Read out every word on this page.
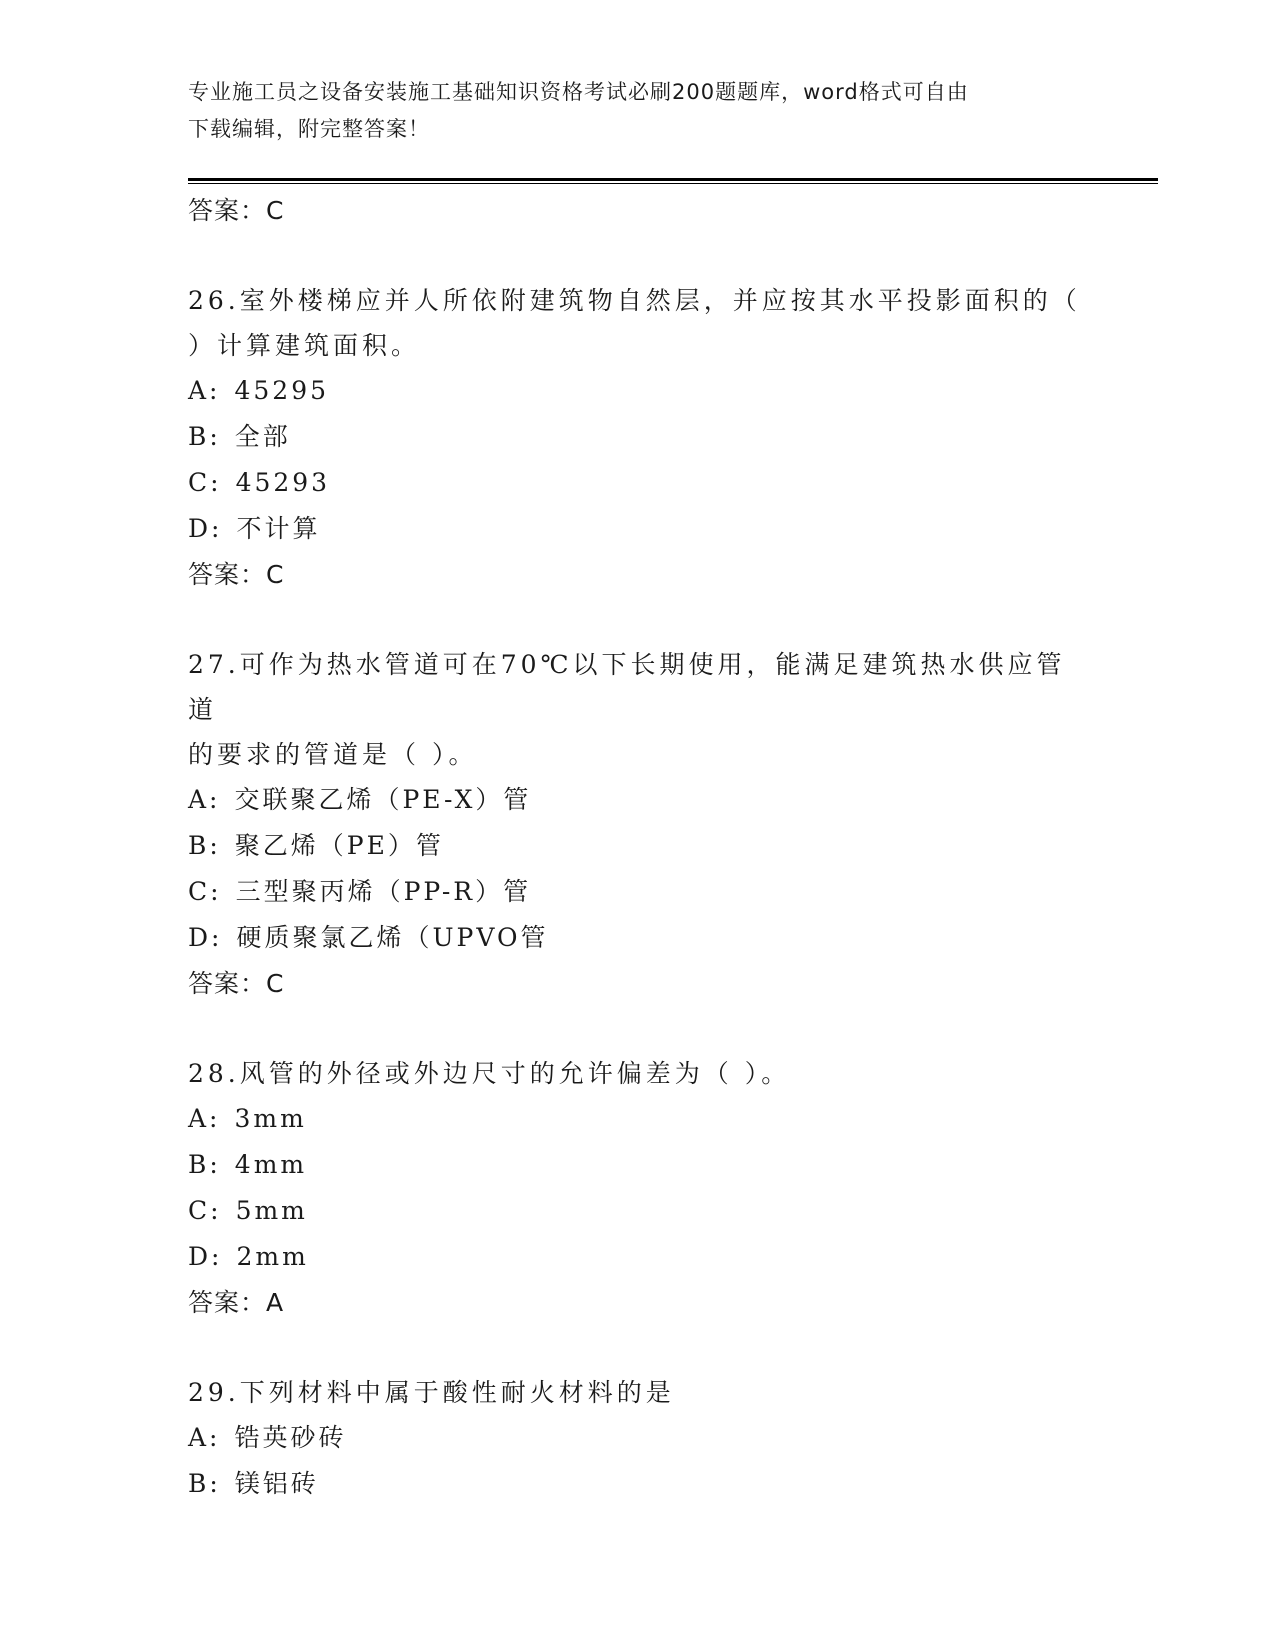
专业施工员之设备安装施工基础知识资格考试必刷200题题库，word格式可自由
下载编辑，附完整答案！
答案：C
26.室外楼梯应并人所依附建筑物自然层，并应按其水平投影面积的（
）计算建筑面积。
A: 45295
B: 全部
C: 45293
D: 不计算
答案：C
27.可作为热水管道可在70℃以下长期使用，能满足建筑热水供应管道
的要求的管道是（ ）。
A: 交联聚乙烯（PE-X）管
B: 聚乙烯（PE）管
C: 三型聚丙烯（PP-R）管
D: 硬质聚氯乙烯（UPVO管
答案：C
28.风管的外径或外边尺寸的允许偏差为（ ）。
A: 3mm
B: 4mm
C: 5mm
D: 2mm
答案：A
29.下列材料中属于酸性耐火材料的是
A: 锆英砂砖
B: 镁铝砖
